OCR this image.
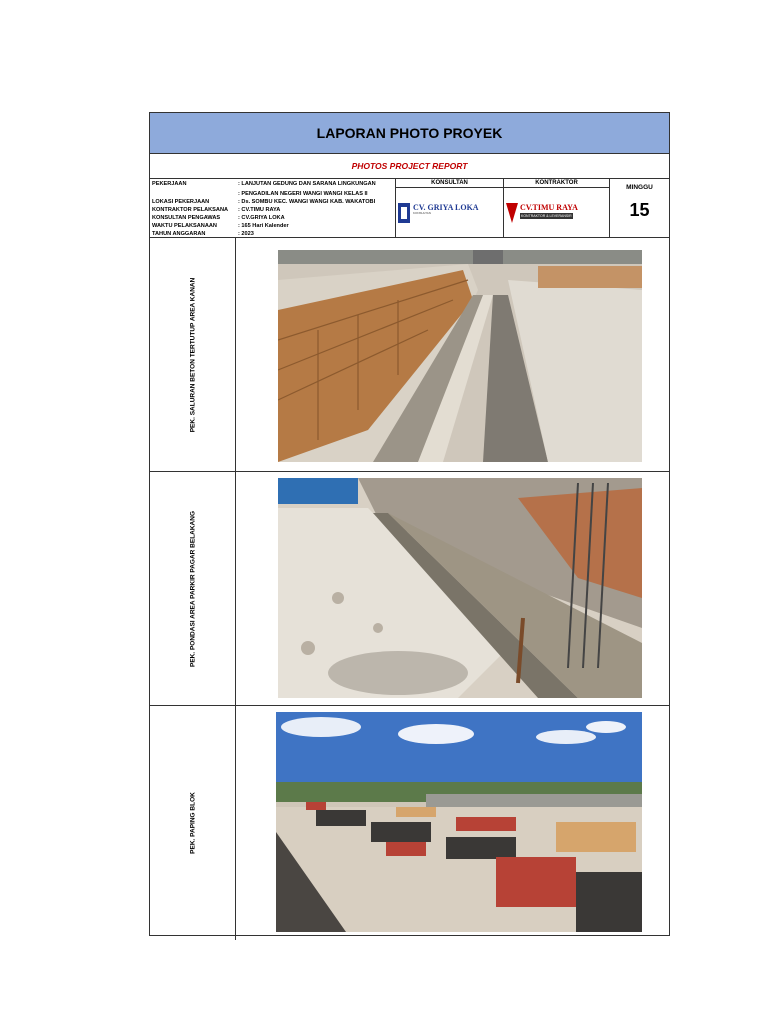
LAPORAN PHOTO PROYEK
PHOTOS PROJECT REPORT
PEKERJAAN	: LANJUTAN GEDUNG DAN SARANA LINGKUNGAN
: PENGADILAN NEGERI WANGI WANGI KELAS II
LOKASI PEKERJAAN	: Ds. SOMBU KEC. WANGI WANGI KAB. WAKATOBI
KONTRAKTOR PELAKSANA	: CV.TIMU RAYA
KONSULTAN PENGAWAS	: CV.GRIYA LOKA
WAKTU PELAKSANAAN	: 165 Hari Kalender
TAHUN ANGGARAN	: 2023
KONSULTAN
CV. GRIYA LOKA
KONSULTAN
KONTRAKTOR
CV.TIMU RAYA
KONTRAKTOR & LEVERANSIR
MINGGU
15
PEK. SALURAN BETON TERTUTUP AREA KANAN
PEK. PONDASI AREA PARKIR PAGAR BELAKANG
PEK. PAPING BLOK
